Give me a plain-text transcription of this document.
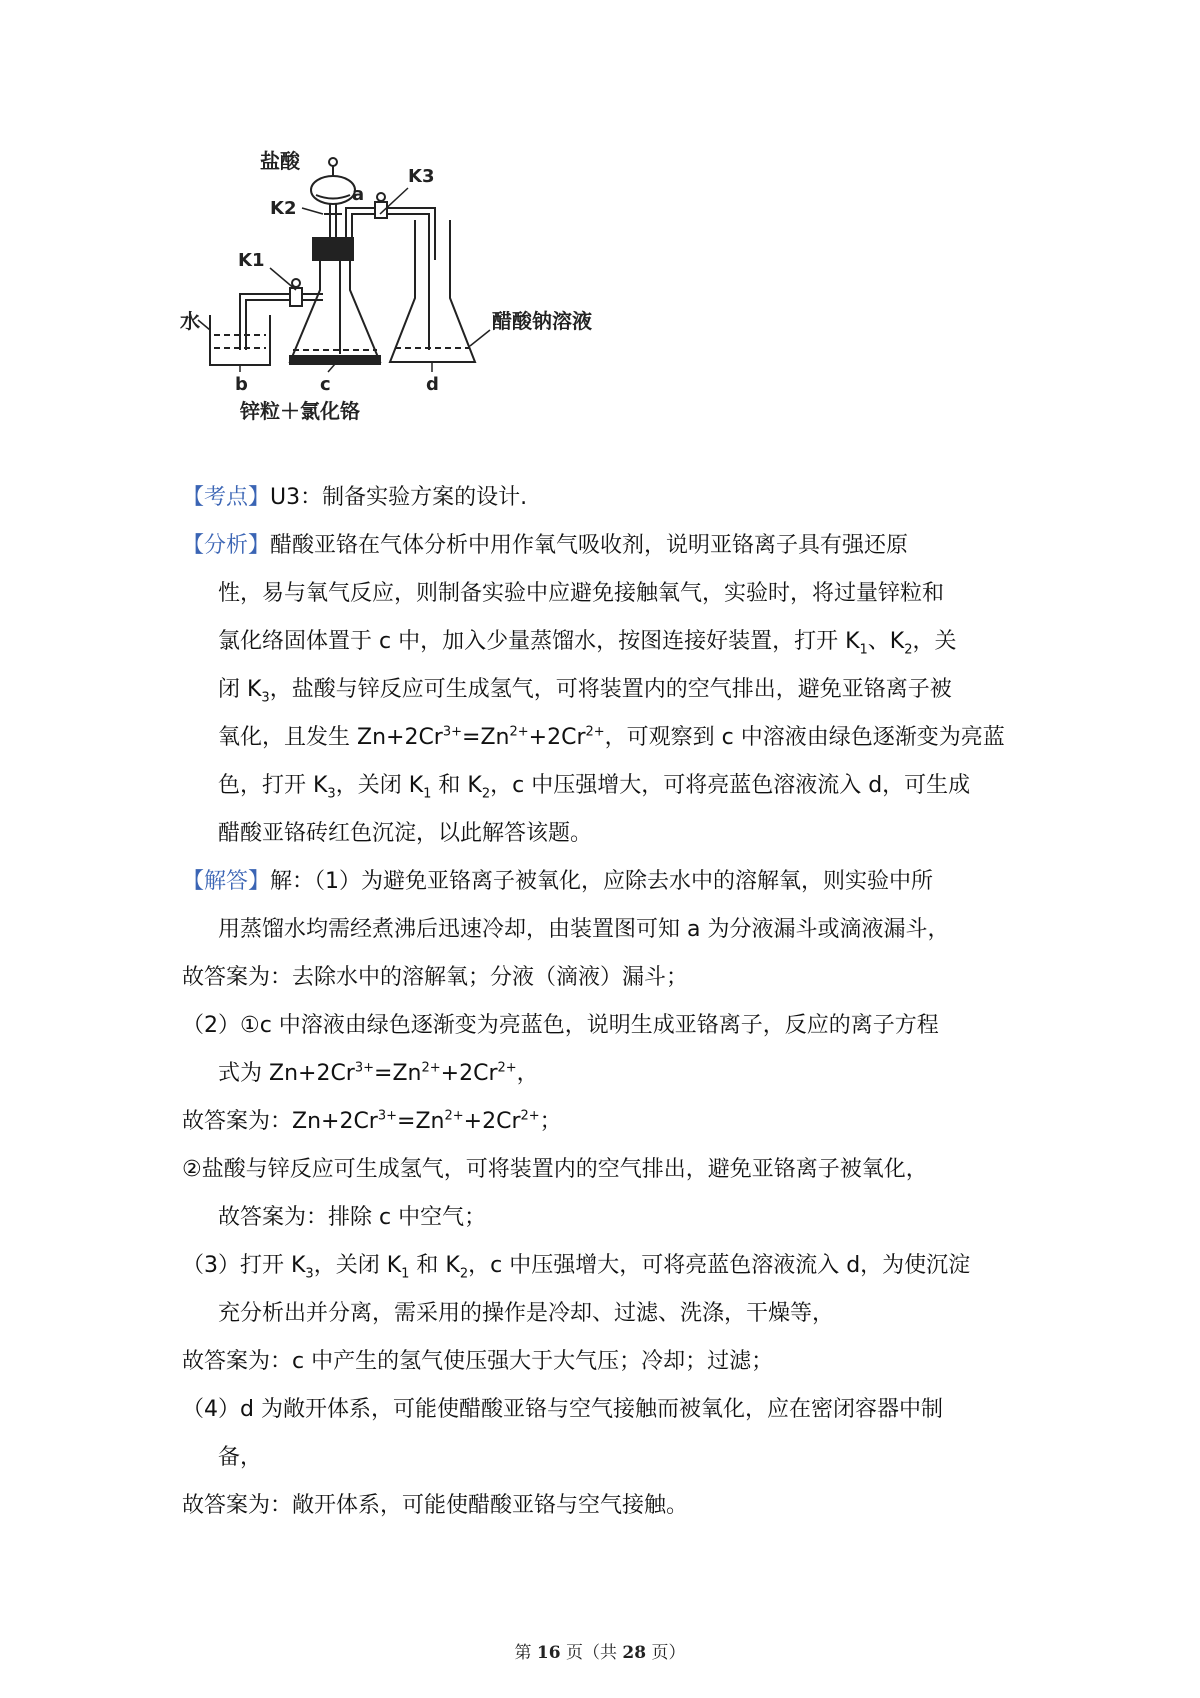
盐酸
a
K2
K3
K1
水	醋酸钠溶液
b	c	d
锌粒＋氯化铬
【考点】U3：制备实验方案的设计.
【分析】醋酸亚铬在气体分析中用作氧气吸收剂，说明亚铬离子具有强还原
性，易与氧气反应，则制备实验中应避免接触氧气，实验时，将过量锌粒和
氯化络固体置于 c 中，加入少量蒸馏水，按图连接好装置，打开 $K_1$、$K_2$，关
闭 $K_3$，盐酸与锌反应可生成氢气，可将装置内的空气排出，避免亚铬离子被
氧化，且发生 $Zn+2Cr^{3+}=Zn^{2+}+2Cr^{2+}$，可观察到 c 中溶液由绿色逐渐变为亮蓝
色，打开 $K_3$，关闭 $K_1$ 和 $K_2$，c 中压强增大，可将亮蓝色溶液流入 d，可生成
醋酸亚铬砖红色沉淀，以此解答该题。
【解答】解：（1）为避免亚铬离子被氧化，应除去水中的溶解氧，则实验中所
用蒸馏水均需经煮沸后迅速冷却，由装置图可知 a 为分液漏斗或滴液漏斗，
故答案为：去除水中的溶解氧；分液（滴液）漏斗；
（2）①c 中溶液由绿色逐渐变为亮蓝色，说明生成亚铬离子，反应的离子方程
式为 $Zn+2Cr^{3+}=Zn^{2+}+2Cr^{2+}$，
故答案为：$Zn+2Cr^{3+}=Zn^{2+}+2Cr^{2+}$；
②盐酸与锌反应可生成氢气，可将装置内的空气排出，避免亚铬离子被氧化，
故答案为：排除 c 中空气；
（3）打开 $K_3$，关闭 $K_1$ 和 $K_2$，c 中压强增大，可将亮蓝色溶液流入 d，为使沉淀
充分析出并分离，需采用的操作是冷却、过滤、洗涤，干燥等，
故答案为：c 中产生的氢气使压强大于大气压；冷却；过滤；
（4）d 为敞开体系，可能使醋酸亚铬与空气接触而被氧化，应在密闭容器中制
备，
故答案为：敞开体系，可能使醋酸亚铬与空气接触。
第 16 页（共 28 页）
